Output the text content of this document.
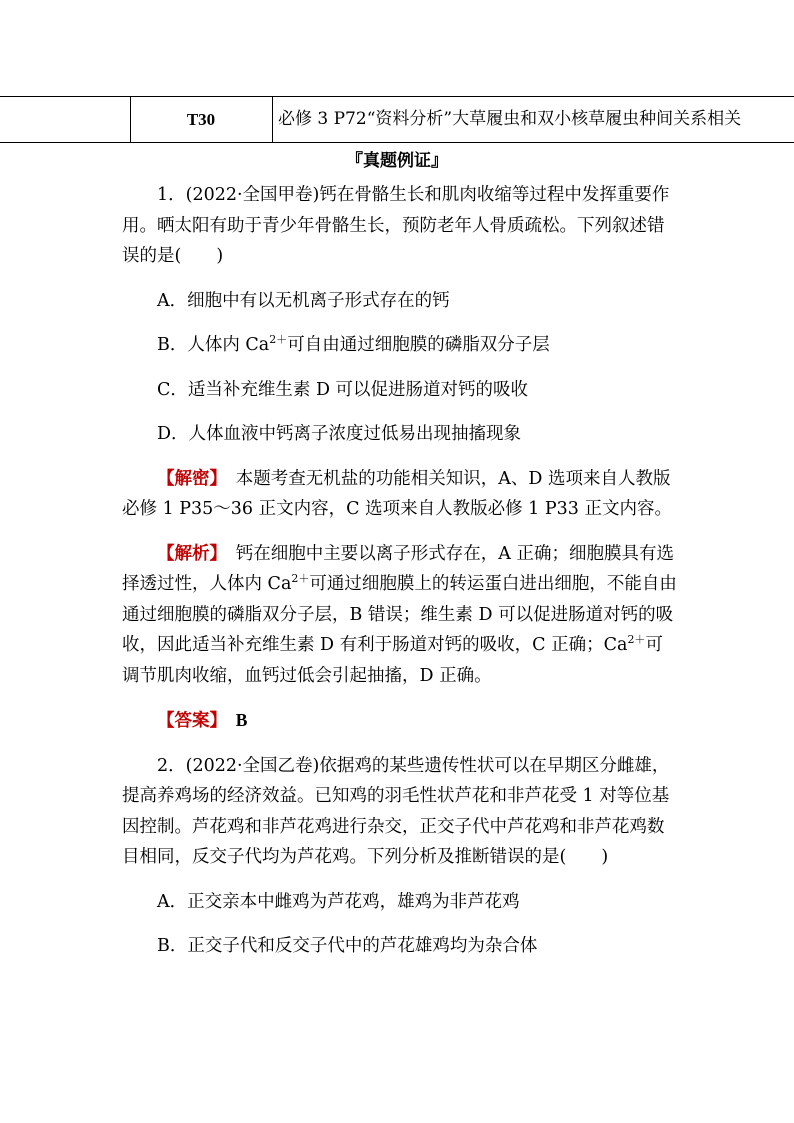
T30	必修 3 P72“资料分析”大草履虫和双小核草履虫种间关系相关
『真题例证』

1．(2022·全国甲卷)钙在骨骼生长和肌肉收缩等过程中发挥重要作用。晒太阳有助于青少年骨骼生长，预防老年人骨质疏松。下列叙述错误的是(　　)

A．细胞中有以无机离子形式存在的钙

B．人体内 $Ca^{2+}$可自由通过细胞膜的磷脂双分子层

C．适当补充维生素 D 可以促进肠道对钙的吸收

D．人体血液中钙离子浓度过低易出现抽搐现象

【解密】　本题考查无机盐的功能相关知识，A、D 选项来自人教版必修 1 P35～36 正文内容，C 选项来自人教版必修 1 P33 正文内容。

【解析】　钙在细胞中主要以离子形式存在，A 正确；细胞膜具有选择透过性，人体内 $Ca^{2+}$可通过细胞膜上的转运蛋白进出细胞，不能自由通过细胞膜的磷脂双分子层，B 错误；维生素 D 可以促进肠道对钙的吸收，因此适当补充维生素 D 有利于肠道对钙的吸收，C 正确；$Ca^{2+}$可调节肌肉收缩，血钙过低会引起抽搐，D 正确。

【答案】　B

2．(2022·全国乙卷)依据鸡的某些遗传性状可以在早期区分雌雄，提高养鸡场的经济效益。已知鸡的羽毛性状芦花和非芦花受 1 对等位基因控制。芦花鸡和非芦花鸡进行杂交，正交子代中芦花鸡和非芦花鸡数目相同，反交子代均为芦花鸡。下列分析及推断错误的是(　　)

A．正交亲本中雌鸡为芦花鸡，雄鸡为非芦花鸡

B．正交子代和反交子代中的芦花雄鸡均为杂合体
